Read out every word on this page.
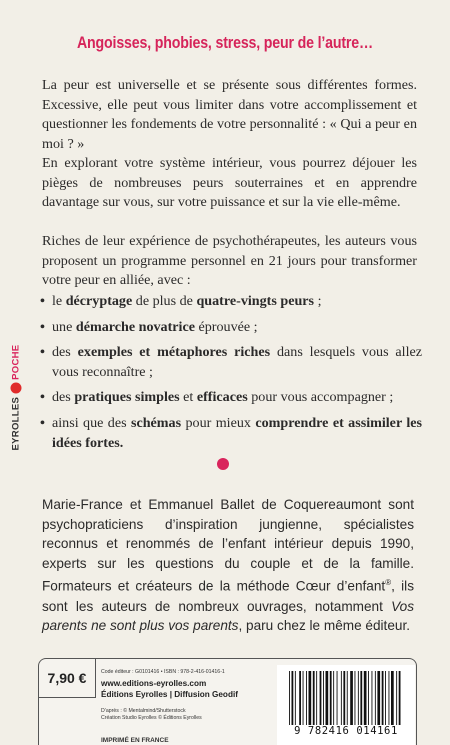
Angoisses, phobies, stress, peur de l’autre…

La peur est universelle et se présente sous différentes formes. Excessive, elle peut vous limiter dans votre accomplissement et questionner les fondements de votre personnalité : « Qui a peur en moi ? »

En explorant votre système intérieur, vous pourrez déjouer les pièges de nombreuses peurs souterraines et en apprendre davantage sur vous, sur votre puissance et sur la vie elle-même.

Riches de leur expérience de psychothérapeutes, les auteurs vous proposent un programme personnel en 21 jours pour transformer votre peur en alliée, avec :

• le décryptage de plus de quatre-vingts peurs ;
• une démarche novatrice éprouvée ;
• des exemples et métaphores riches dans lesquels vous allez vous reconnaître ;
• des pratiques simples et efficaces pour vous accompagner ;
• ainsi que des schémas pour mieux comprendre et assimiler les idées fortes.
EYROLLESPOCHE

Marie-France et Emmanuel Ballet de Coquereaumont sont psychopraticiens d’inspiration jungienne, spécialistes reconnus et renommés de l’enfant intérieur depuis 1990, experts sur les questions du couple et de la famille. Formateurs et créateurs de la méthode Cœur d’enfant®, ils sont les auteurs de nombreux ouvrages, notamment Vos parents ne sont plus vos parents, paru chez le même éditeur.

7,90 €	Code éditeur : G0101416 • ISBN : 978-2-416-01416-1
www.editions-eyrolles.com
Éditions Eyrolles | Diffusion Geodif
D’après : © Mentalmind/Shutterstock
Création Studio Eyrolles © Éditions Eyrolles
IMPRIMÉ EN FRANCE
9 782416 014161
